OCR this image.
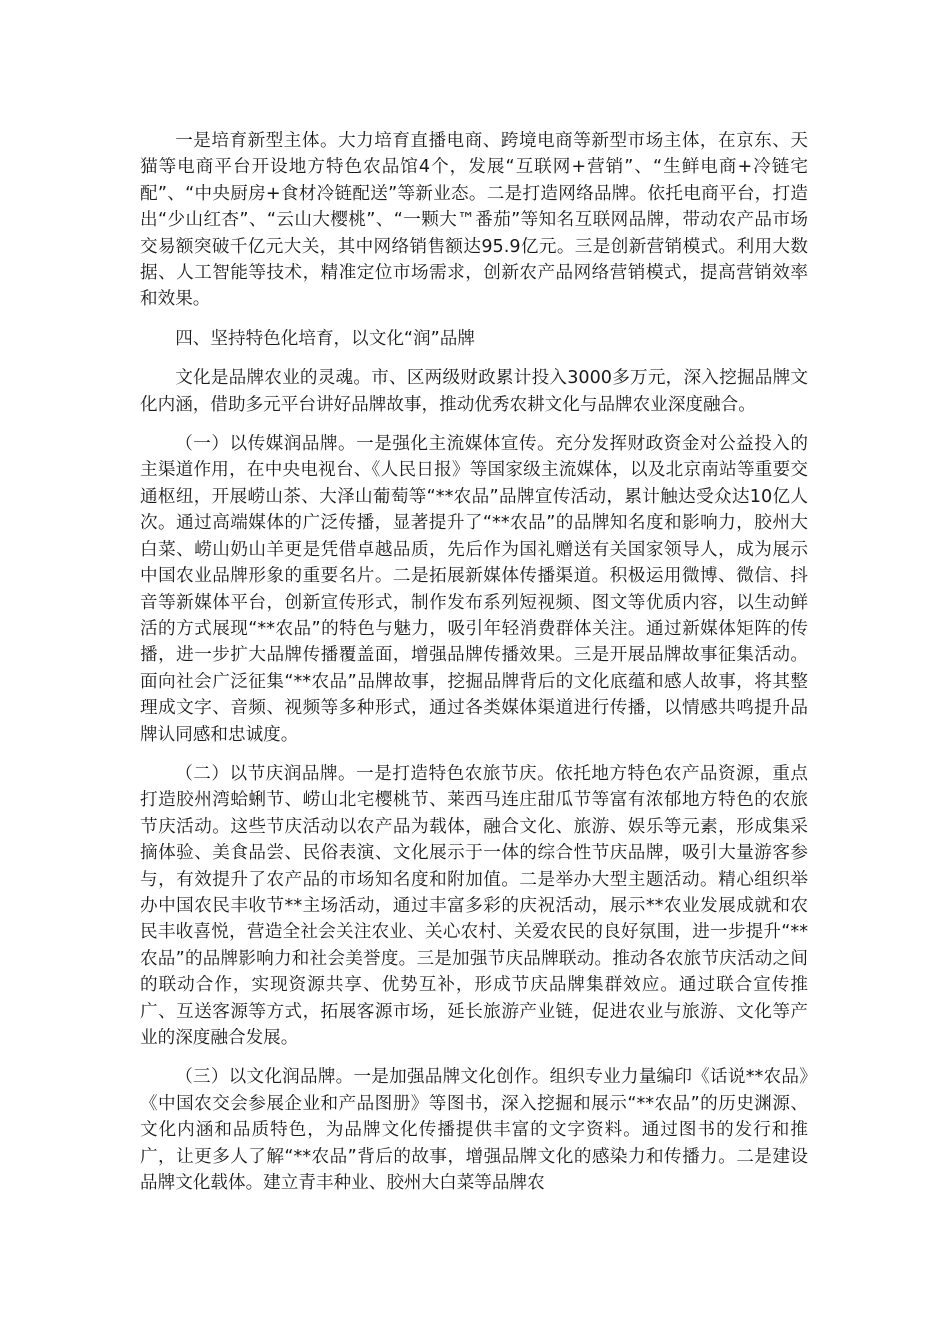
一是培育新型主体。大力培育直播电商、跨境电商等新型市场主体，在京东、天猫等电商平台开设地方特色农品馆4个，发展“互联网+营销”、“生鲜电商+冷链宅配”、“中央厨房+食材冷链配送”等新业态。二是打造网络品牌。依托电商平台，打造出“少山红杏”、“云山大樱桃”、“一颗大™番茄”等知名互联网品牌，带动农产品市场交易额突破千亿元大关，其中网络销售额达95.9亿元。三是创新营销模式。利用大数据、人工智能等技术，精准定位市场需求，创新农产品网络营销模式，提高营销效率和效果。

四、坚持特色化培育，以文化“润”品牌

文化是品牌农业的灵魂。市、区两级财政累计投入3000多万元，深入挖掘品牌文化内涵，借助多元平台讲好品牌故事，推动优秀农耕文化与品牌农业深度融合。

（一）以传媒润品牌。一是强化主流媒体宣传。充分发挥财政资金对公益投入的主渠道作用，在中央电视台、《人民日报》等国家级主流媒体，以及北京南站等重要交通枢纽，开展崂山茶、大泽山葡萄等“**农品”品牌宣传活动，累计触达受众达10亿人次。通过高端媒体的广泛传播，显著提升了“**农品”的品牌知名度和影响力，胶州大白菜、崂山奶山羊更是凭借卓越品质，先后作为国礼赠送有关国家领导人，成为展示中国农业品牌形象的重要名片。二是拓展新媒体传播渠道。积极运用微博、微信、抖音等新媒体平台，创新宣传形式，制作发布系列短视频、图文等优质内容，以生动鲜活的方式展现“**农品”的特色与魅力，吸引年轻消费群体关注。通过新媒体矩阵的传播，进一步扩大品牌传播覆盖面，增强品牌传播效果。三是开展品牌故事征集活动。面向社会广泛征集“**农品”品牌故事，挖掘品牌背后的文化底蕴和感人故事，将其整理成文字、音频、视频等多种形式，通过各类媒体渠道进行传播，以情感共鸣提升品牌认同感和忠诚度。

（二）以节庆润品牌。一是打造特色农旅节庆。依托地方特色农产品资源，重点打造胶州湾蛤蜊节、崂山北宅樱桃节、莱西马连庄甜瓜节等富有浓郁地方特色的农旅节庆活动。这些节庆活动以农产品为载体，融合文化、旅游、娱乐等元素，形成集采摘体验、美食品尝、民俗表演、文化展示于一体的综合性节庆品牌，吸引大量游客参与，有效提升了农产品的市场知名度和附加值。二是举办大型主题活动。精心组织举办中国农民丰收节**主场活动，通过丰富多彩的庆祝活动，展示**农业发展成就和农民丰收喜悦，营造全社会关注农业、关心农村、关爱农民的良好氛围，进一步提升“**农品”的品牌影响力和社会美誉度。三是加强节庆品牌联动。推动各农旅节庆活动之间的联动合作，实现资源共享、优势互补，形成节庆品牌集群效应。通过联合宣传推广、互送客源等方式，拓展客源市场，延长旅游产业链，促进农业与旅游、文化等产业的深度融合发展。

（三）以文化润品牌。一是加强品牌文化创作。组织专业力量编印《话说**农品》《中国农交会参展企业和产品图册》等图书，深入挖掘和展示“**农品”的历史渊源、文化内涵和品质特色，为品牌文化传播提供丰富的文字资料。通过图书的发行和推广，让更多人了解“**农品”背后的故事，增强品牌文化的感染力和传播力。二是建设品牌文化载体。建立青丰种业、胶州大白菜等品牌农
